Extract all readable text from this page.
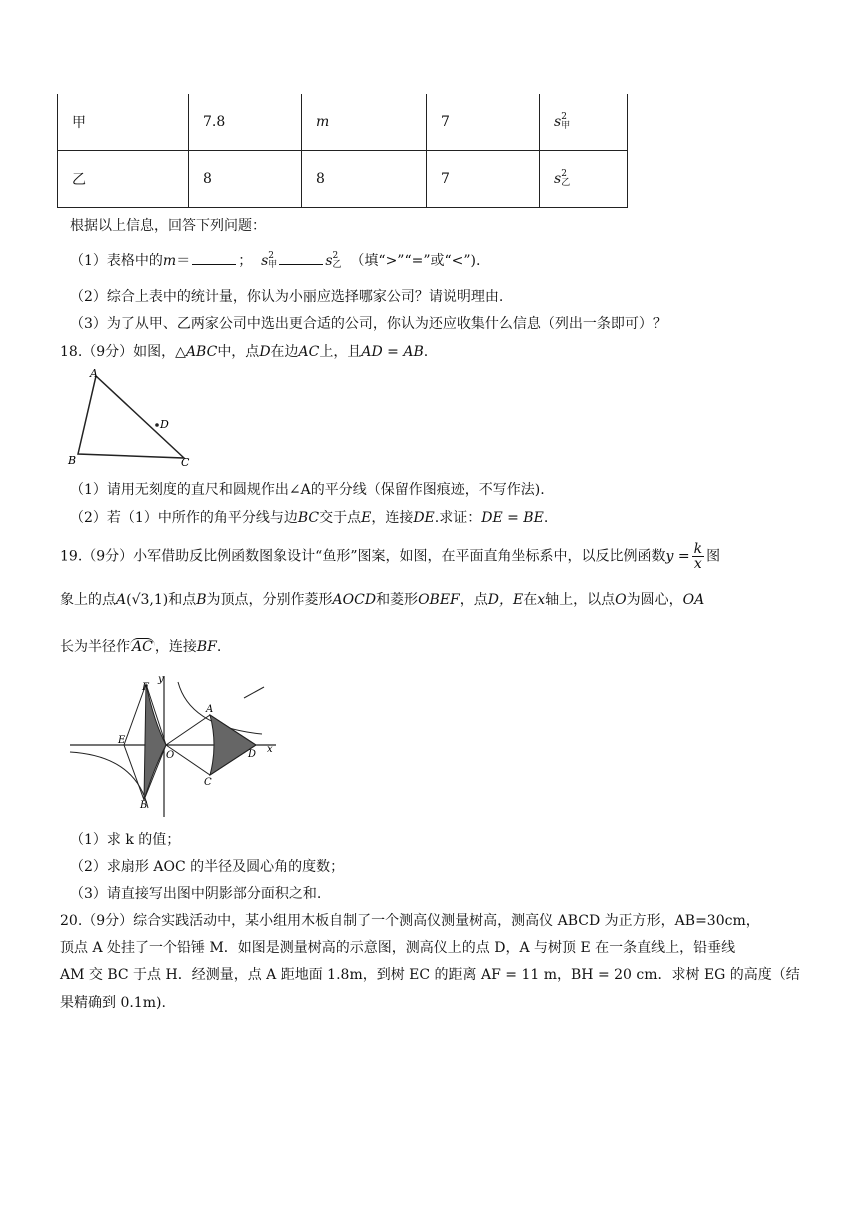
甲	7.8	m	7	s 2
甲

乙	8	8	7	s 2
乙
根据以上信息，回答下列问题：
（1）表格中的m＝	； s 2
甲	s 2
乙 （填“>”“=”或“<”).
（2）综合上表中的统计量，你认为小丽应选择哪家公司？请说明理由.
（3）为了从甲、乙两家公司中选出更合适的公司，你认为还应收集什么信息（列出一条即可）？
18.（9分）如图，△ABC中，点D在边AC上，且AD = AB.
A
B	C
D
（1）请用无刻度的直尺和圆规作出∠A的平分线（保留作图痕迹，不写作法).
（2）若（1）中所作的角平分线与边BC交于点E，连接DE.求证：DE = BE.
19.（9分）小军借助反比例函数图象设计“鱼形”图案，如图，在平面直角坐标系中，以反比例函数$y = \frac{k}{x}$ 图
象上的点A(√3,1)和点B为顶点，分别作菱形AOCD和菱形OBEF，点D，E在x轴上，以点O为圆心，OA
长为半径作 AC ，连接BF.
F
E
O
A
C
D
B
x
y
（1）求 k 的值；
（2）求扇形 AOC 的半径及圆心角的度数；
（3）请直接写出图中阴影部分面积之和.
20.（9分）综合实践活动中，某小组用木板自制了一个测高仪测量树高，测高仪 ABCD 为正方形，AB=30cm，
顶点 A 处挂了一个铅锤 M．如图是测量树高的示意图，测高仪上的点 D，A 与树顶 E 在一条直线上，铅垂线
AM 交 BC 于点 H．经测量，点 A 距地面 1.8m，到树 EC 的距离 AF = 11 m，BH = 20 cm．求树 EG 的高度（结
果精确到 0.1m).
